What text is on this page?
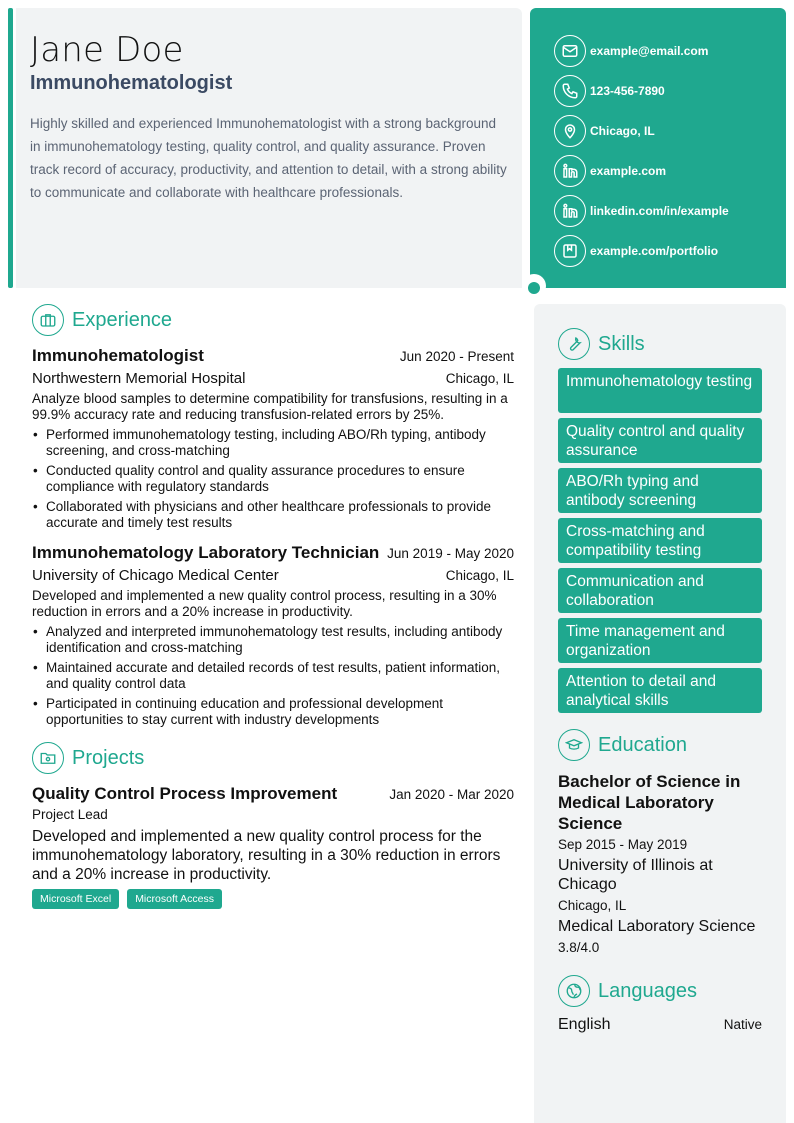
Jane Doe
Immunohematologist
Highly skilled and experienced Immunohematologist with a strong background in immunohematology testing, quality control, and quality assurance. Proven track record of accuracy, productivity, and attention to detail, with a strong ability to communicate and collaborate with healthcare professionals.
example@email.com
123-456-7890
Chicago, IL
example.com
linkedin.com/in/example
example.com/portfolio
Experience
Immunohematologist	Jun 2020 - Present
Northwestern Memorial Hospital	Chicago, IL
Analyze blood samples to determine compatibility for transfusions, resulting in a 99.9% accuracy rate and reducing transfusion-related errors by 25%.
• Performed immunohematology testing, including ABO/Rh typing, antibody screening, and cross-matching
• Conducted quality control and quality assurance procedures to ensure compliance with regulatory standards
• Collaborated with physicians and other healthcare professionals to provide accurate and timely test results
Immunohematology Laboratory Technician Jun 2019 - May 2020
University of Chicago Medical Center	Chicago, IL
Developed and implemented a new quality control process, resulting in a 30% reduction in errors and a 20% increase in productivity.
• Analyzed and interpreted immunohematology test results, including antibody identification and cross-matching
• Maintained accurate and detailed records of test results, patient information, and quality control data
• Participated in continuing education and professional development opportunities to stay current with industry developments
Projects
Quality Control Process Improvement	Jan 2020 - Mar 2020
Project Lead
Developed and implemented a new quality control process for the immunohematology laboratory, resulting in a 30% reduction in errors and a 20% increase in productivity.
Microsoft Excel	Microsoft Access
Skills
Immunohematology testing
Quality control and quality assurance
ABO/Rh typing and antibody screening
Cross-matching and compatibility testing
Communication and collaboration
Time management and organization
Attention to detail and analytical skills
Education
Bachelor of Science in Medical Laboratory Science
Sep 2015 - May 2019
University of Illinois at Chicago
Chicago, IL
Medical Laboratory Science
3.8/4.0
Languages
English	Native
